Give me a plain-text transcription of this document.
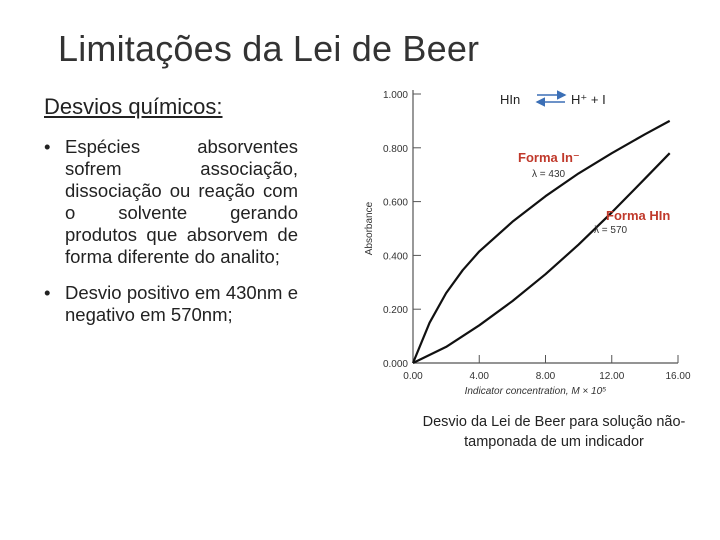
Limitações da Lei de Beer
Desvios químicos:
• Espécies absorventes sofrem associação, dissociação ou reação com o solvente gerando produtos que absorvem de forma diferente do analito;
• Desvio positivo em 430nm e negativo em 570nm;
0.000
0.200
0.400
0.600
0.800
1.000
0.00	4.00	8.00	12.00	16.00
Absorbance
Indicator concentration, M × 10⁵
Forma In⁻
λ = 430
Forma HIn
λ = 570
HIn	H⁺ + I

Desvio da Lei de Beer para solução não-tamponada de um indicador
